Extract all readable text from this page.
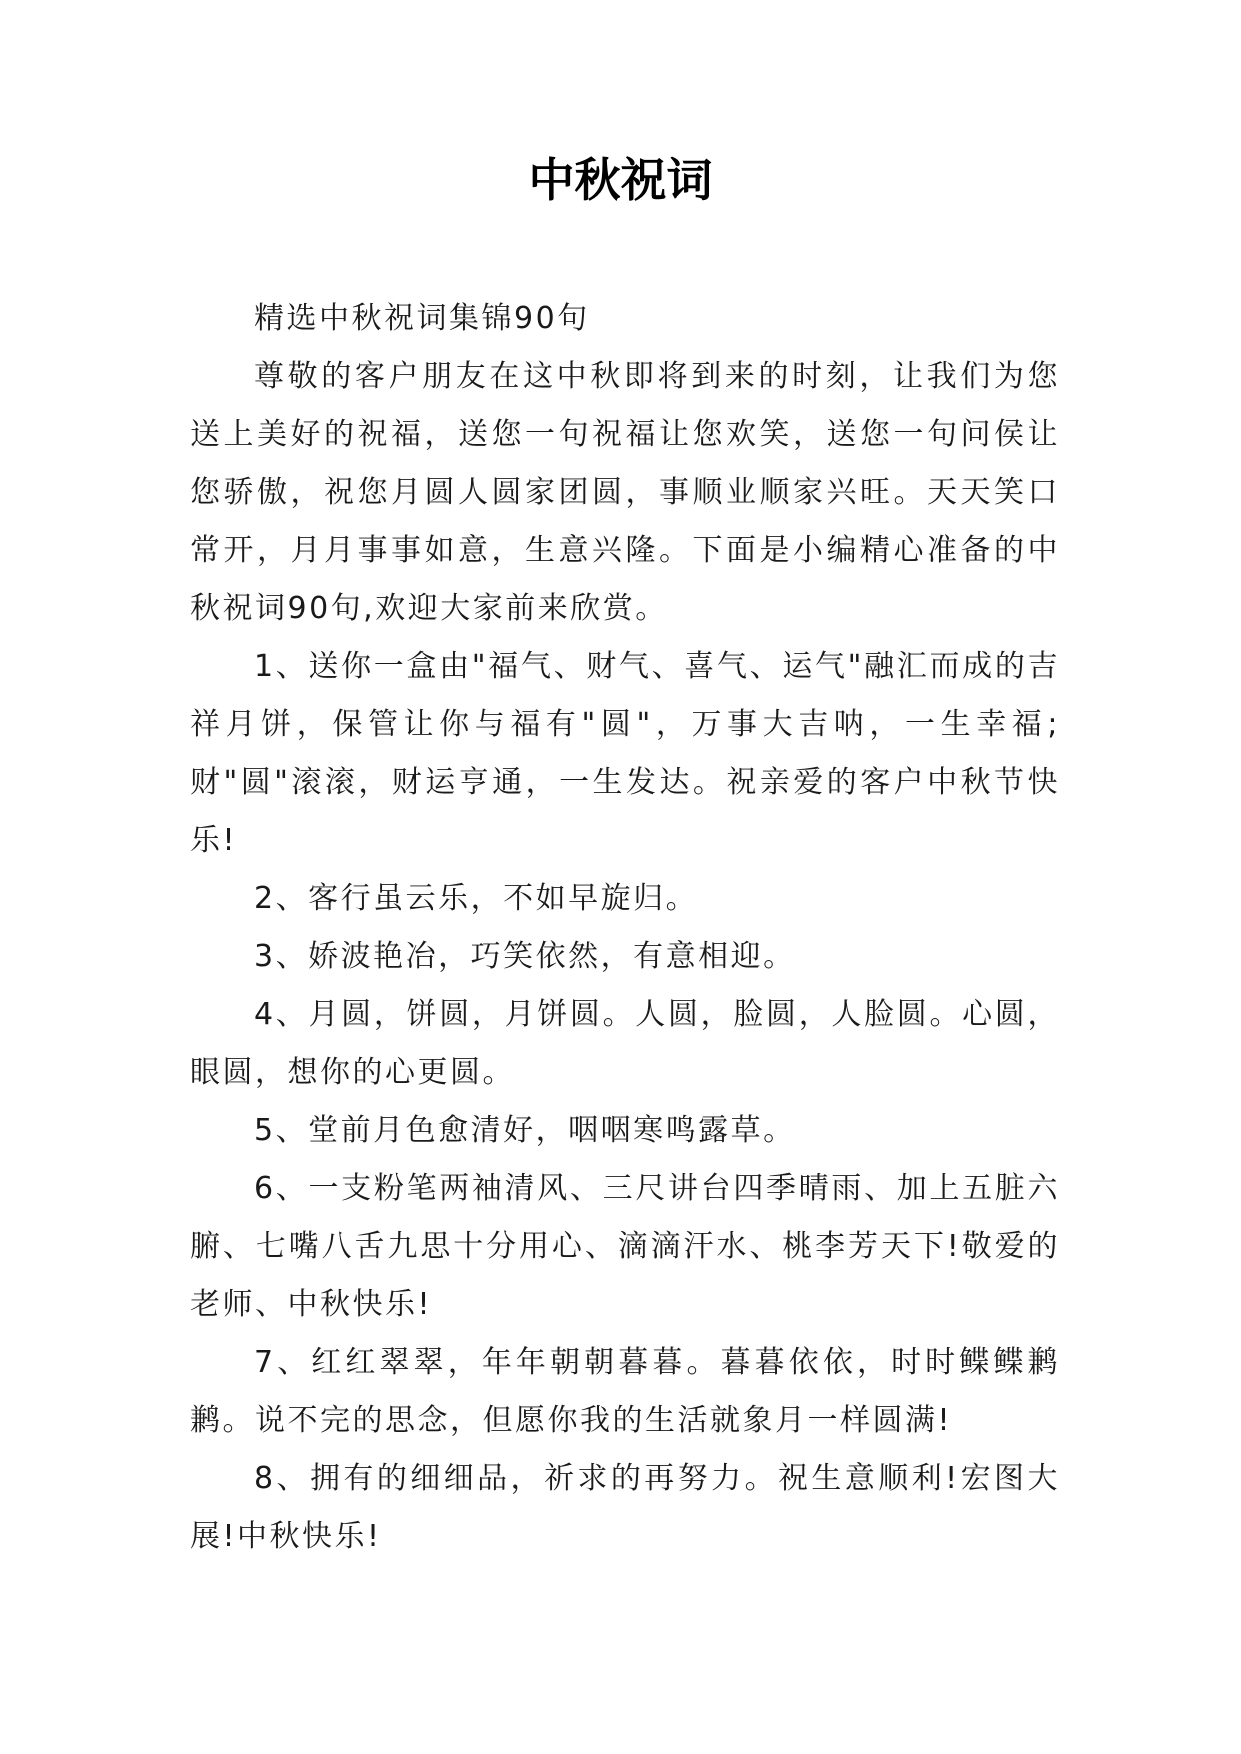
中秋祝词

精选中秋祝词集锦90句

尊敬的客户朋友在这中秋即将到来的时刻，让我们为您送上美好的祝福，送您一句祝福让您欢笑，送您一句问侯让您骄傲，祝您月圆人圆家团圆，事顺业顺家兴旺。天天笑口常开，月月事事如意，生意兴隆。下面是小编精心准备的中秋祝词90句,欢迎大家前来欣赏。

1、送你一盒由"福气、财气、喜气、运气"融汇而成的吉祥月饼，保管让你与福有"圆"，万事大吉呐，一生幸福;财"圆"滚滚，财运亨通，一生发达。祝亲爱的客户中秋节快乐!

2、客行虽云乐，不如早旋归。

3、娇波艳冶，巧笑依然，有意相迎。

4、月圆，饼圆，月饼圆。人圆，脸圆，人脸圆。心圆，眼圆，想你的心更圆。

5、堂前月色愈清好，咽咽寒鸣露草。

6、一支粉笔两袖清风、三尺讲台四季晴雨、加上五脏六腑、七嘴八舌九思十分用心、滴滴汗水、桃李芳天下!敬爱的老师、中秋快乐!

7、红红翠翠，年年朝朝暮暮。暮暮依依，时时鲽鲽鹣鹣。说不完的思念，但愿你我的生活就象月一样圆满!

8、拥有的细细品，祈求的再努力。祝生意顺利!宏图大展!中秋快乐!
